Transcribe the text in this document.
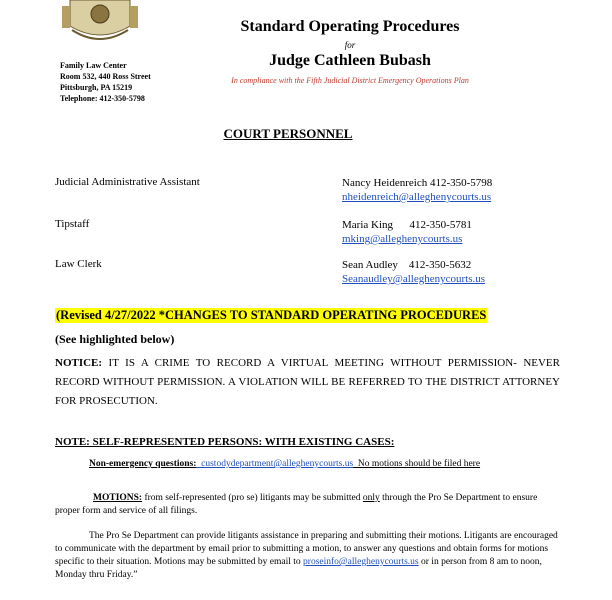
Family Law Center
Room 532, 440 Ross Street
Pittsburgh, PA 15219
Telephone: 412-350-5798
Standard Operating Procedures
for
Judge Cathleen Bubash
In compliance with the Fifth Judicial District Emergency Operations Plan
COURT PERSONNEL
Judicial Administrative Assistant	Nancy Heidenreich 412-350-5798
nheidenreich@alleghenycourts.us
Tipstaff	Maria King      412-350-5781
mking@alleghenycourts.us
Law Clerk	Sean Audley    412-350-5632
Seanaudley@alleghenycourts.us
(Revised 4/27/2022 *CHANGES TO STANDARD OPERATING PROCEDURES
(See highlighted below)
NOTICE: IT IS A CRIME TO RECORD A VIRTUAL MEETING WITHOUT PERMISSION- NEVER RECORD WITHOUT PERMISSION. A VIOLATION WILL BE REFERRED TO THE DISTRICT ATTORNEY FOR PROSECUTION.
NOTE: SELF-REPRESENTED PERSONS: WITH EXISTING CASES:
Non-emergency questions:  custodydepartment@alleghenycourts.us  No motions should be filed here
MOTIONS: from self-represented (pro se) litigants may be submitted only through the Pro Se Department to ensure proper form and service of all filings.
The Pro Se Department can provide litigants assistance in preparing and submitting their motions. Litigants are encouraged to communicate with the department by email prior to submitting a motion, to answer any questions and obtain forms for motions specific to their situation. Motions may be submitted by email to proseinfo@alleghenycourts.us or in person from 8 am to noon, Monday thru Friday.”
